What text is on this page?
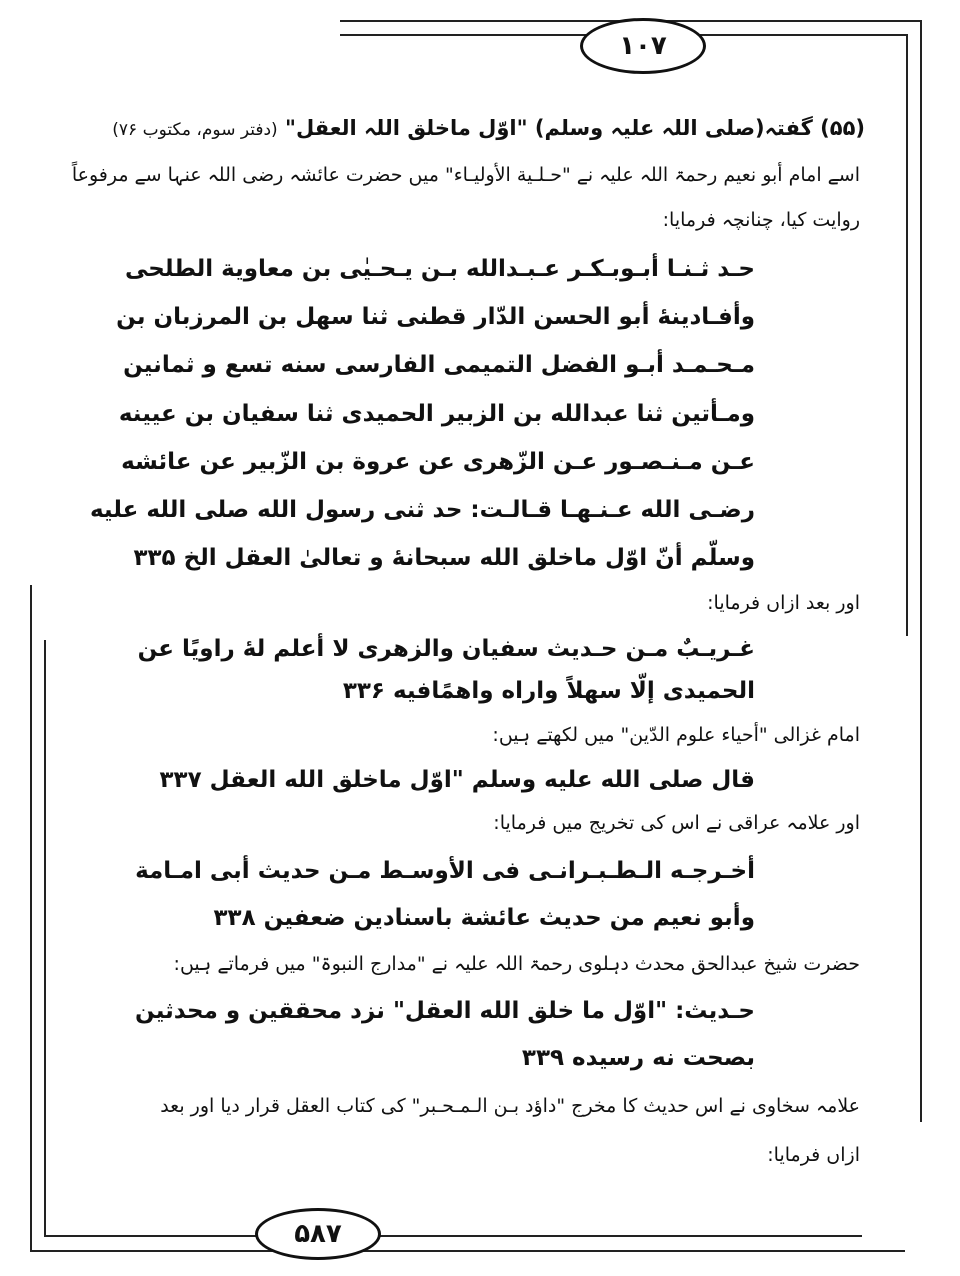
۱۰۷
(۵۵) گفتہ(صلی اللہ علیہ وسلم) "اوّل ماخلق اللہ العقل" (دفتر سوم، مکتوب ۷۶)
اسے امام أبو نعیم رحمۃ اللہ علیہ نے "حـلـیة الأولیـاء" میں حضرت عائشہ رضی اللہ عنہا سے مرفوعاً
روایت کیا، چنانچہ فرمایا:
حـد ثـنـا أبـوبـكـر عـبـدالله بـن يـحـيٰى بن معاوية الطلحى
وأفـادينهٔ أبو الحسن الدّار قطنى ثنا سهل بن المرزبان بن
مـحـمـد أبـو الفضل التميمى الفارسى سنه تسع و ثمانين
ومـأتين ثنا عبدالله بن الزبير الحميدى ثنا سفيان بن عيينه
عـن مـنـصـور عـن الزّهرى عن عروة بن الزّبير عن عائشه
رضـى الله عـنـهـا قـالـت: حد ثنى رسول الله صلى الله عليه
وسلّم أنّ اوّل ماخلق الله سبحانهٔ و تعالىٰ العقل الخ ۳۳۵
اور بعد ازاں فرمایا:
غـريـبٌ مـن حـديث سفيان والزهرى لا أعلم لهٔ راويًا عن
الحميدى إلّا سهلاً واراه واهمًافيه ۳۳۶
امام غزالی "أحیاء علوم الدّین" میں لکھتے ہیں:
قال صلى الله عليه وسلم "اوّل ماخلق الله العقل ۳۳۷
اور علامہ عراقی نے اس کی تخریج میں فرمایا:
أخـرجـه الـطـبـرانـى فى الأوسـط مـن حديث أبى امـامة
وأبو نعيم من حديث عائشة باسنادين ضعفين ۳۳۸
حضرت شیخ عبدالحق محدث دہلوی رحمۃ اللہ علیہ نے "مدارج النبوۃ" میں فرماتے ہیں:
حـديث: "اوّل ما خلق الله العقل" نزد محققين و محدثين
بصحت نه رسيده ۳۳۹
علامہ سخاوی نے اس حدیث کا مخرج "داؤد بـن الـمـحـبر" کی کتاب العقل قرار دیا اور بعد
ازاں فرمایا:
۵۸۷
